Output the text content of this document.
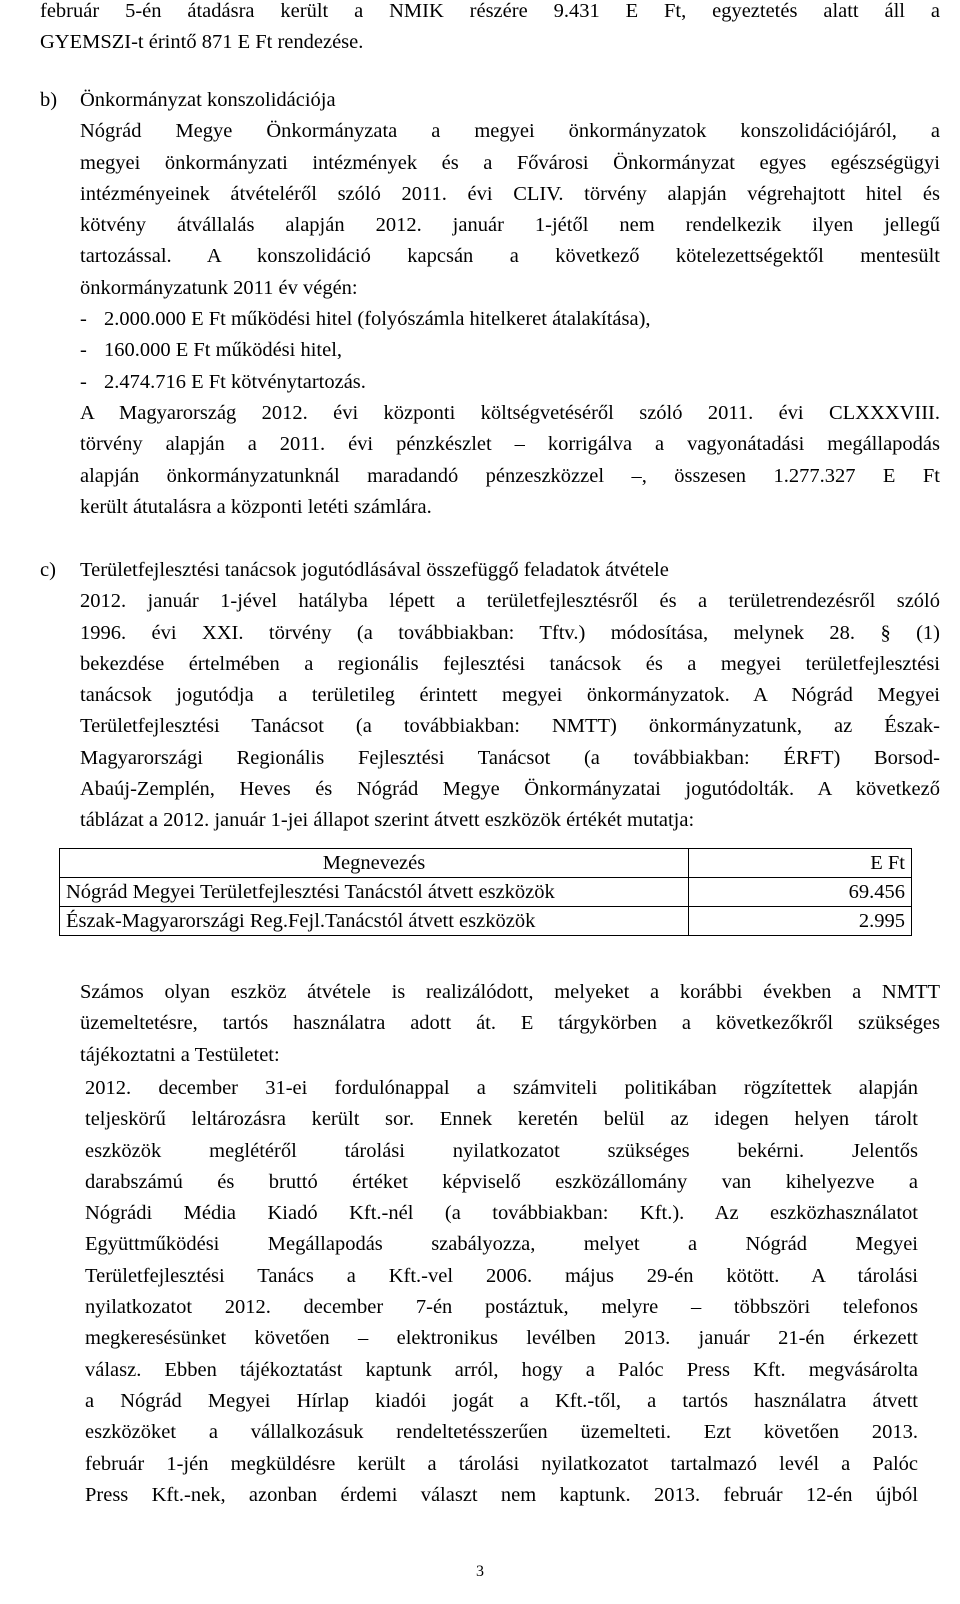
február 5-én átadásra került a NMIK részére 9.431 E Ft, egyeztetés alatt áll a
GYEMSZI-t érintő 871 E Ft rendezése.
b) Önkormányzat konszolidációja
Nógrád Megye Önkormányzata a megyei önkormányzatok konszolidációjáról, a
megyei önkormányzati intézmények és a Fővárosi Önkormányzat egyes egészségügyi
intézményeinek átvételéről szóló 2011. évi CLIV. törvény alapján végrehajtott hitel és
kötvény átvállalás alapján 2012. január 1-jétől nem rendelkezik ilyen jellegű
tartozással. A konszolidáció kapcsán a következő kötelezettségektől mentesült
önkormányzatunk 2011 év végén:
- 2.000.000 E Ft működési hitel (folyószámla hitelkeret átalakítása),
- 160.000 E Ft működési hitel,
- 2.474.716 E Ft kötvénytartozás.
A Magyarország 2012. évi központi költségvetéséről szóló 2011. évi CLXXXVIII.
törvény alapján a 2011. évi pénzkészlet – korrigálva a vagyonátadási megállapodás
alapján önkormányzatunknál maradandó pénzeszközzel –, összesen 1.277.327 E Ft
került átutalásra a központi letéti számlára.
c) Területfejlesztési tanácsok jogutódlásával összefüggő feladatok átvétele
2012. január 1-jével hatályba lépett a területfejlesztésről és a területrendezésről szóló
1996. évi XXI. törvény (a továbbiakban: Tftv.) módosítása, melynek 28. § (1)
bekezdése értelmében a regionális fejlesztési tanácsok és a megyei területfejlesztési
tanácsok jogutódja a területileg érintett megyei önkormányzatok. A Nógrád Megyei
Területfejlesztési Tanácsot (a továbbiakban: NMTT) önkormányzatunk, az Észak-
Magyarországi Regionális Fejlesztési Tanácsot (a továbbiakban: ÉRFT) Borsod-
Abaúj-Zemplén, Heves és Nógrád Megye Önkormányzatai jogutódolták. A következő
táblázat a 2012. január 1-jei állapot szerint átvett eszközök értékét mutatja:
Megnevezés	E Ft
Nógrád Megyei Területfejlesztési Tanácstól átvett eszközök	69.456
Észak-Magyarországi Reg.Fejl.Tanácstól átvett eszközök	2.995
Számos olyan eszköz átvétele is realizálódott, melyeket a korábbi években a NMTT
üzemeltetésre, tartós használatra adott át. E tárgykörben a következőkről szükséges
tájékoztatni a Testületet:
2012. december 31-ei fordulónappal a számviteli politikában rögzítettek alapján
teljeskörű leltározásra került sor. Ennek keretén belül az idegen helyen tárolt
eszközök meglétéről tárolási nyilatkozatot szükséges bekérni. Jelentős
darabszámú és bruttó értéket képviselő eszközállomány van kihelyezve a
Nógrádi Média Kiadó Kft.-nél (a továbbiakban: Kft.). Az eszközhasználatot
Együttműködési Megállapodás szabályozza, melyet a Nógrád Megyei
Területfejlesztési Tanács a Kft.-vel 2006. május 29-én kötött. A tárolási
nyilatkozatot 2012. december 7-én postáztuk, melyre – többszöri telefonos
megkeresésünket követően – elektronikus levélben 2013. január 21-én érkezett
válasz. Ebben tájékoztatást kaptunk arról, hogy a Palóc Press Kft. megvásárolta
a Nógrád Megyei Hírlap kiadói jogát a Kft.-től, a tartós használatra átvett
eszközöket a vállalkozásuk rendeltetésszerűen üzemelteti. Ezt követően 2013.
február 1-jén megküldésre került a tárolási nyilatkozatot tartalmazó levél a Palóc
Press Kft.-nek, azonban érdemi választ nem kaptunk. 2013. február 12-én újból
3
